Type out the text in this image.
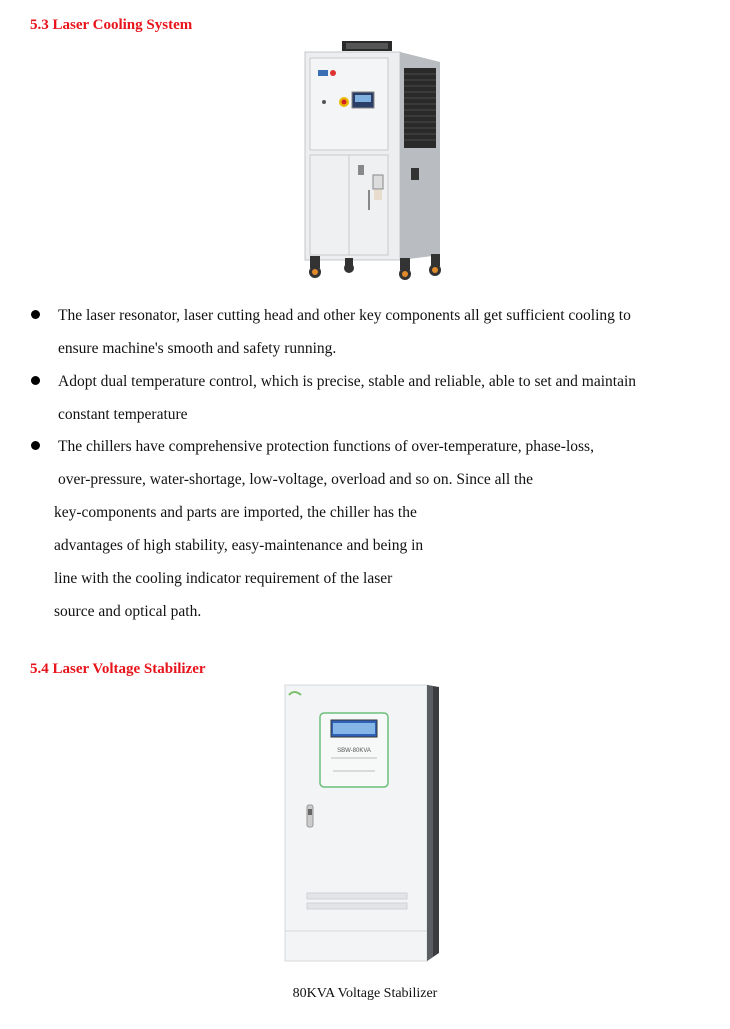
5.3 Laser Cooling System

The laser resonator, laser cutting head and other key components all get sufficient cooling to

ensure machine's smooth and safety running.

Adopt dual temperature control, which is precise, stable and reliable, able to set and maintain

constant temperature

The chillers have comprehensive protection functions of over-temperature, phase-loss,

over-pressure, water-shortage, low-voltage, overload and so on. Since all the

key-components and parts are imported, the chiller has the

advantages of high stability, easy-maintenance and being in

line with the cooling indicator requirement of the laser

source and optical path.

5.4 Laser Voltage Stabilizer
SBW-80KVA

80KVA Voltage Stabilizer
